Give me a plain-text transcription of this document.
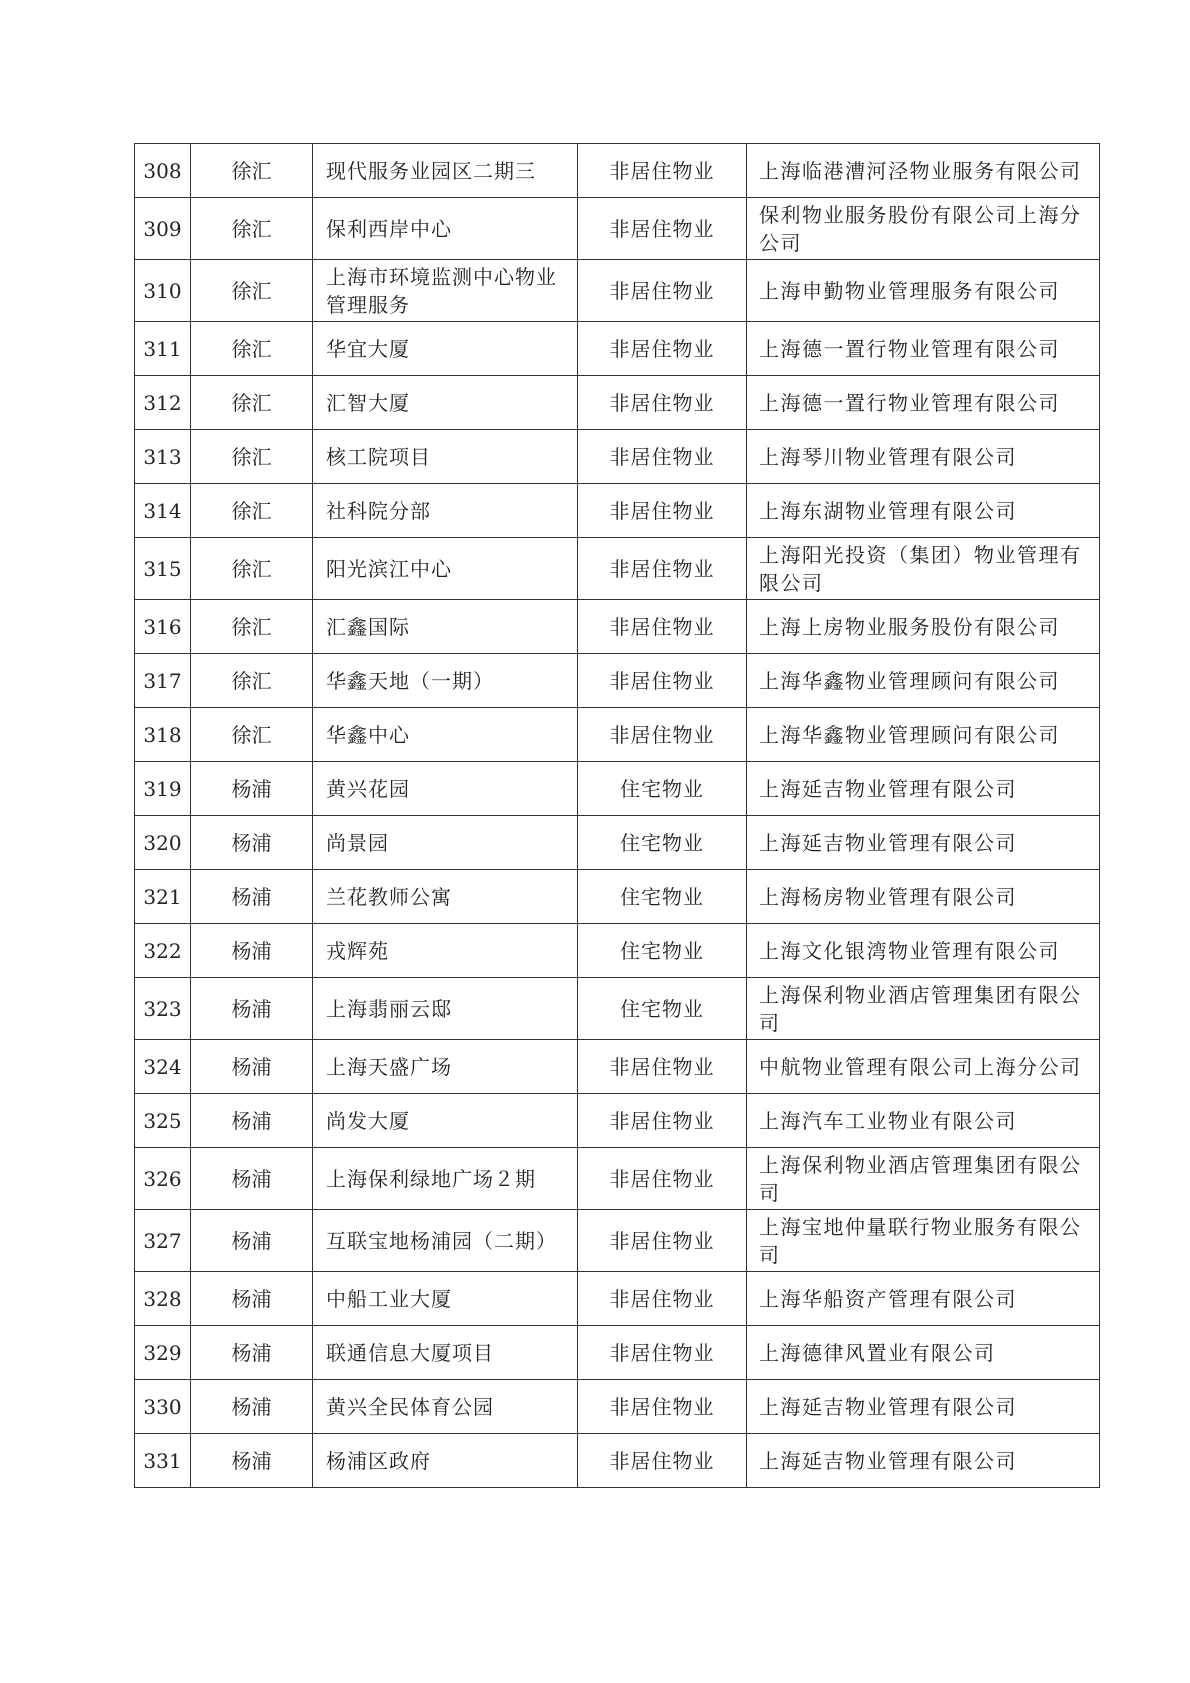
308	徐汇	现代服务业园区二期三	非居住物业	上海临港漕河泾物业服务有限公司
309	徐汇	保利西岸中心	非居住物业	保利物业服务股份有限公司上海分公司
310	徐汇	上海市环境监测中心物业管理服务	非居住物业	上海申勤物业管理服务有限公司
311	徐汇	华宜大厦	非居住物业	上海德一置行物业管理有限公司
312	徐汇	汇智大厦	非居住物业	上海德一置行物业管理有限公司
313	徐汇	核工院项目	非居住物业	上海琴川物业管理有限公司
314	徐汇	社科院分部	非居住物业	上海东湖物业管理有限公司
315	徐汇	阳光滨江中心	非居住物业	上海阳光投资（集团）物业管理有限公司
316	徐汇	汇鑫国际	非居住物业	上海上房物业服务股份有限公司
317	徐汇	华鑫天地（一期）	非居住物业	上海华鑫物业管理顾问有限公司
318	徐汇	华鑫中心	非居住物业	上海华鑫物业管理顾问有限公司
319	杨浦	黄兴花园	住宅物业	上海延吉物业管理有限公司
320	杨浦	尚景园	住宅物业	上海延吉物业管理有限公司
321	杨浦	兰花教师公寓	住宅物业	上海杨房物业管理有限公司
322	杨浦	戎辉苑	住宅物业	上海文化银湾物业管理有限公司
323	杨浦	上海翡丽云邸	住宅物业	上海保利物业酒店管理集团有限公司
324	杨浦	上海天盛广场	非居住物业	中航物业管理有限公司上海分公司
325	杨浦	尚发大厦	非居住物业	上海汽车工业物业有限公司
326	杨浦	上海保利绿地广场２期	非居住物业	上海保利物业酒店管理集团有限公司
327	杨浦	互联宝地杨浦园（二期）	非居住物业	上海宝地仲量联行物业服务有限公司
328	杨浦	中船工业大厦	非居住物业	上海华船资产管理有限公司
329	杨浦	联通信息大厦项目	非居住物业	上海德律风置业有限公司
330	杨浦	黄兴全民体育公园	非居住物业	上海延吉物业管理有限公司
331	杨浦	杨浦区政府	非居住物业	上海延吉物业管理有限公司
